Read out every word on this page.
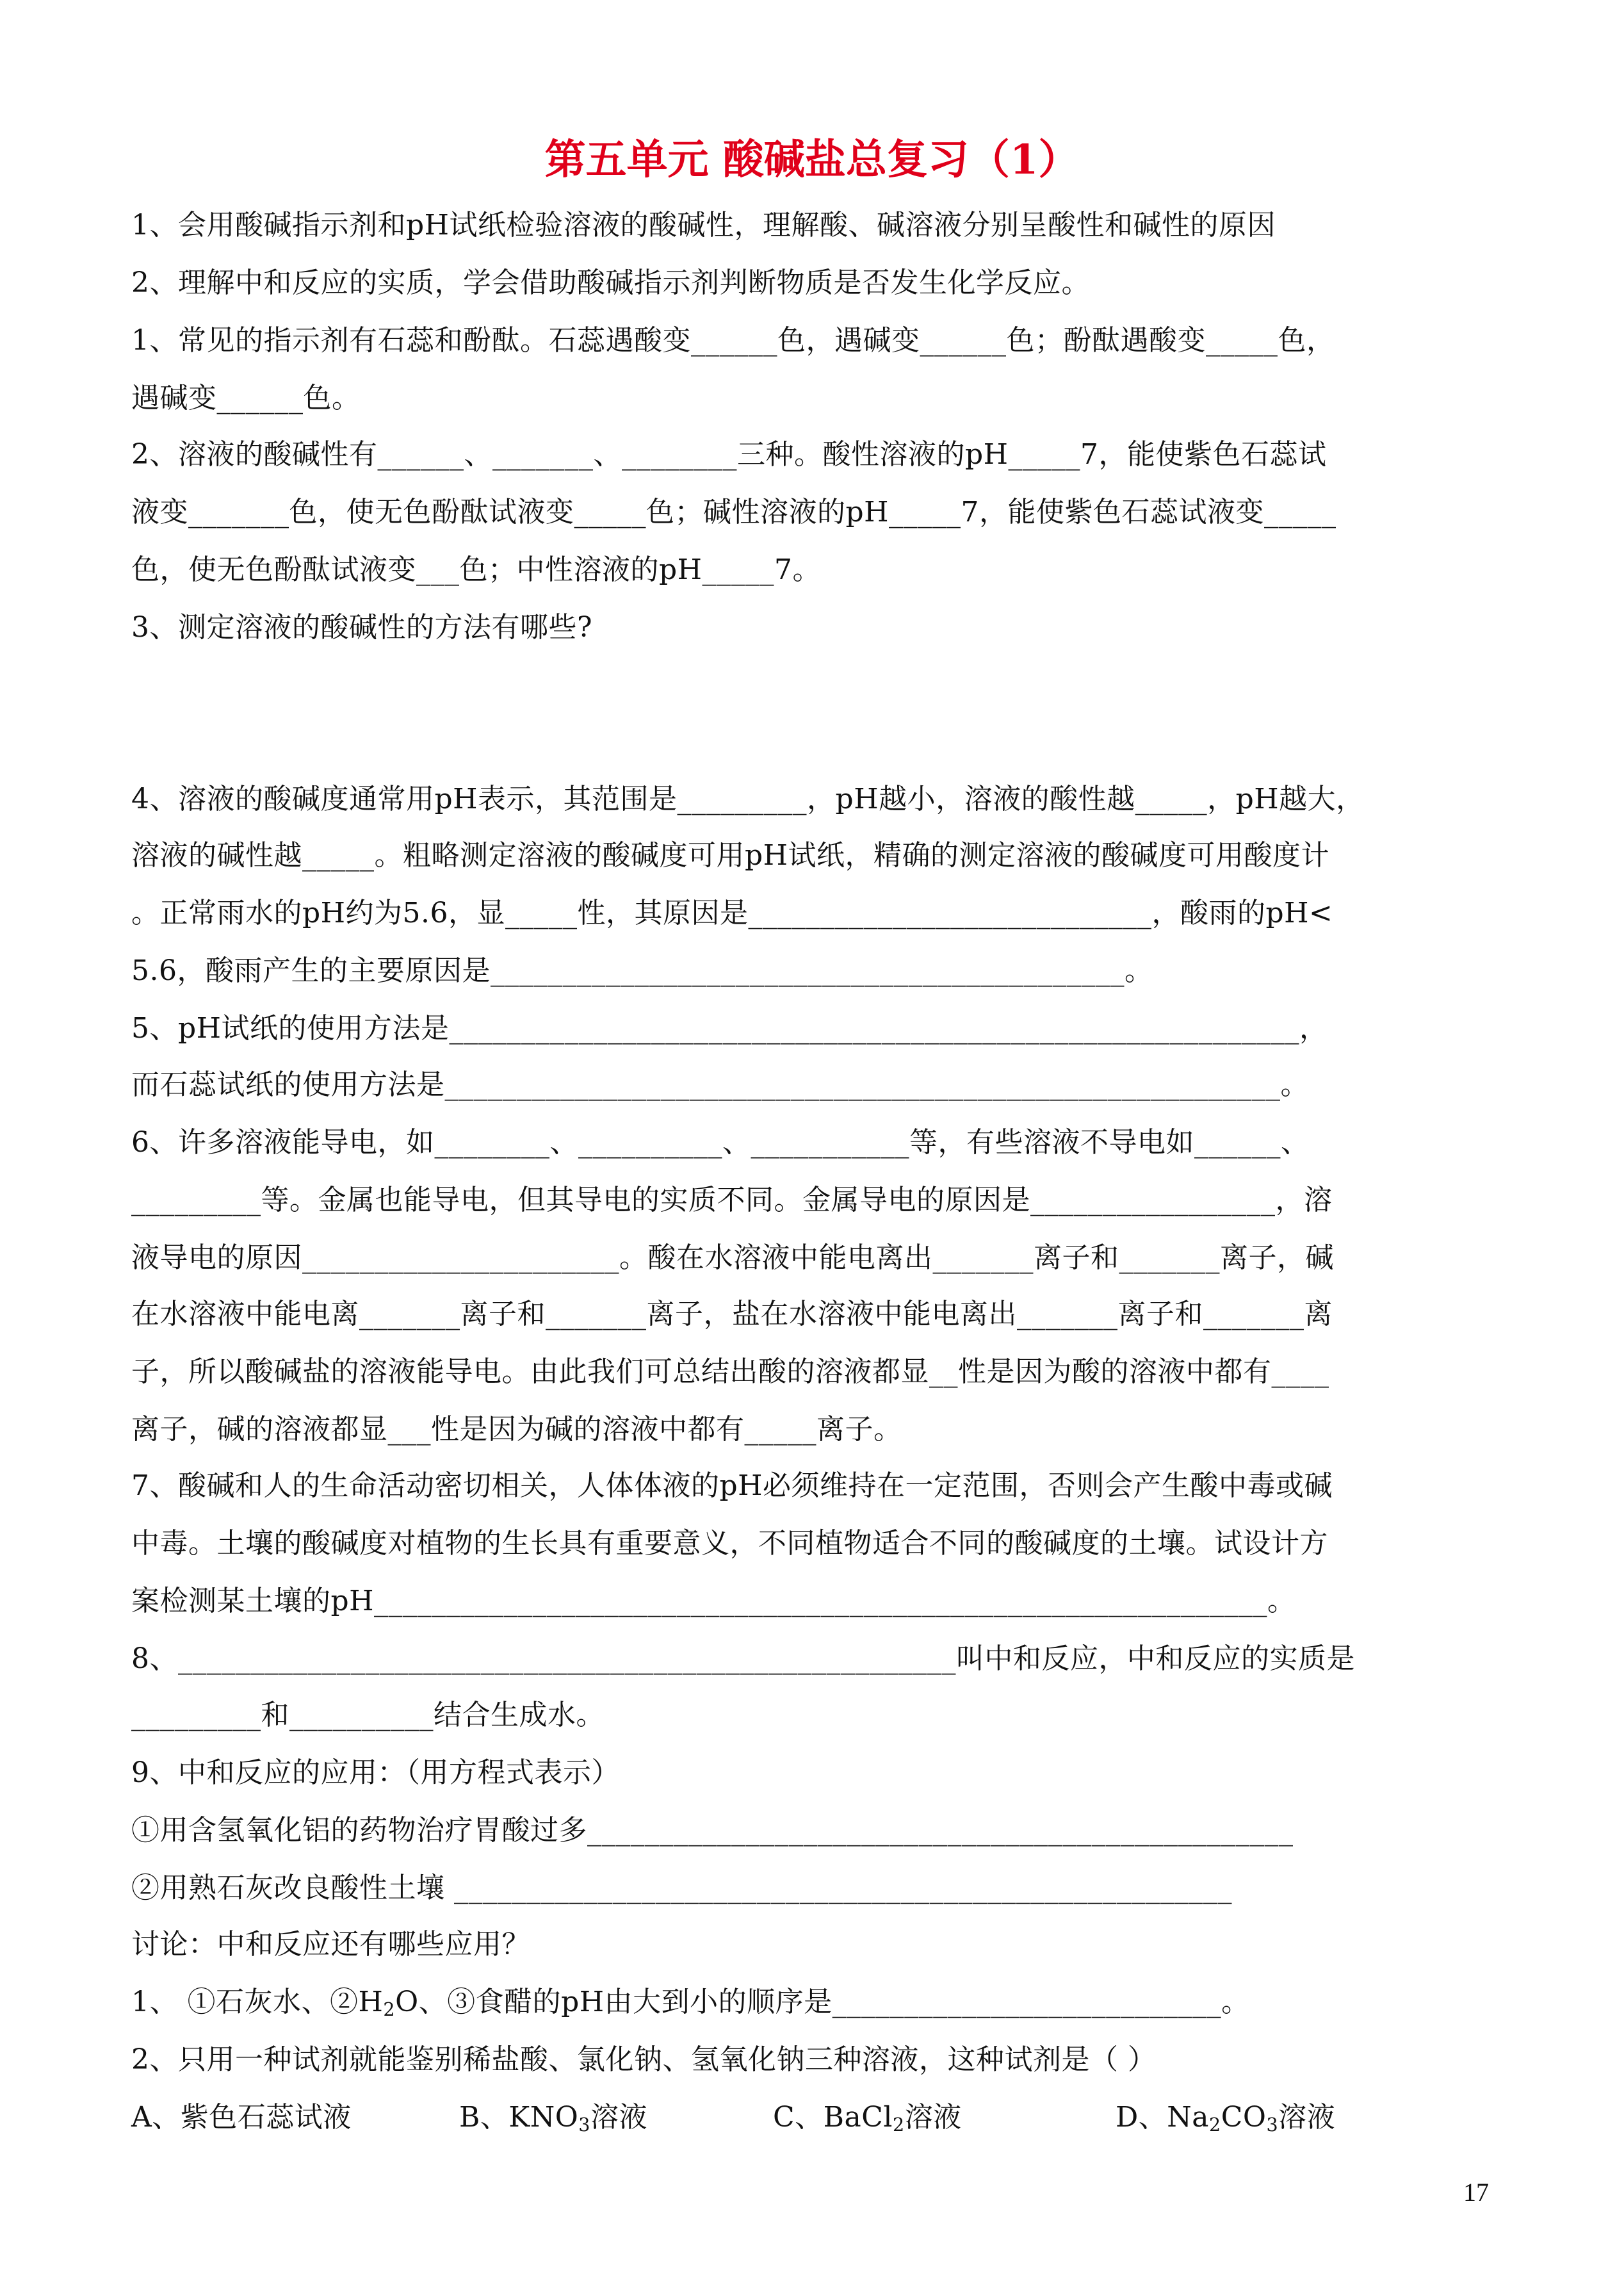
第五单元 酸碱盐总复习（1）
1、会用酸碱指示剂和pH试纸检验溶液的酸碱性，理解酸、碱溶液分别呈酸性和碱性的原因
2、理解中和反应的实质，学会借助酸碱指示剂判断物质是否发生化学反应。
1、常见的指示剂有石蕊和酚酞。石蕊遇酸变______色，遇碱变______色；酚酞遇酸变_____色，
遇碱变______色。
2、溶液的酸碱性有______、_______、________三种。酸性溶液的pH_____7，能使紫色石蕊试
液变_______色，使无色酚酞试液变_____色；碱性溶液的pH_____7，能使紫色石蕊试液变_____
色，使无色酚酞试液变___色；中性溶液的pH_____7。
3、测定溶液的酸碱性的方法有哪些?
4、溶液的酸碱度通常用pH表示，其范围是_________，pH越小，溶液的酸性越_____，pH越大，
溶液的碱性越_____。粗略测定溶液的酸碱度可用pH试纸，精确的测定溶液的酸碱度可用酸度计
。正常雨水的pH约为5.6，显_____性，其原因是____________________________，酸雨的pH<
5.6，酸雨产生的主要原因是____________________________________________。
5、pH试纸的使用方法是___________________________________________________________，
而石蕊试纸的使用方法是__________________________________________________________。
6、许多溶液能导电，如________、__________、___________等，有些溶液不导电如______、
_________等。金属也能导电，但其导电的实质不同。金属导电的原因是_________________，溶
液导电的原因______________________。酸在水溶液中能电离出_______离子和_______离子，碱
在水溶液中能电离_______离子和_______离子，盐在水溶液中能电离出_______离子和_______离
子，所以酸碱盐的溶液能导电。由此我们可总结出酸的溶液都显__性是因为酸的溶液中都有____
离子，碱的溶液都显___性是因为碱的溶液中都有_____离子。
7、酸碱和人的生命活动密切相关，人体体液的pH必须维持在一定范围，否则会产生酸中毒或碱
中毒。土壤的酸碱度对植物的生长具有重要意义，不同植物适合不同的酸碱度的土壤。试设计方
案检测某土壤的pH______________________________________________________________。
8、______________________________________________________叫中和反应，中和反应的实质是
_________和__________结合生成水。
9、中和反应的应用：（用方程式表示）
①用含氢氧化铝的药物治疗胃酸过多_________________________________________________
②用熟石灰改良酸性土壤 ______________________________________________________
讨论：中和反应还有哪些应用？
1、 ①石灰水、$②H_2O$、③食醋的pH由大到小的顺序是___________________________。
2、只用一种试剂就能鉴别稀盐酸、氯化钠、氢氧化钠三种溶液，这种试剂是（ ）
A、紫色石蕊试液	B、$KNO_3$溶液	C、BaCl$_2$溶液	D、$Na_2CO_3$溶液
17
